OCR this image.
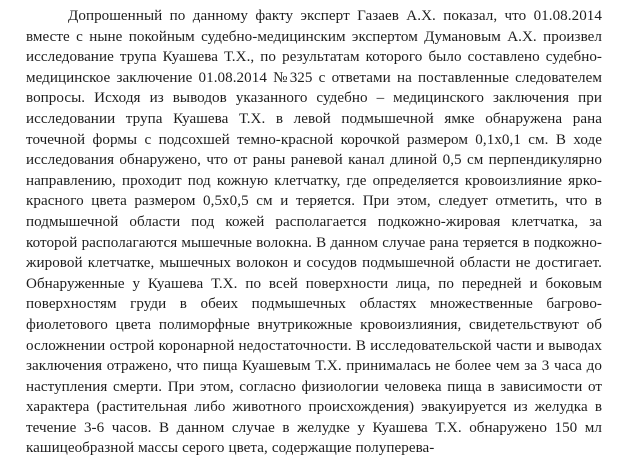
Допрошенный по данному факту эксперт Газаев А.Х. показал, что 01.08.2014 вместе с ныне покойным судебно-медицинским экспертом Думановым А.Х. произвел исследование трупа Куашева Т.Х., по результатам которого было составлено судебно-медицинское заключение 01.08.2014 №325 с ответами на поставленные следователем вопросы. Исходя из выводов указанного судебно – медицинского заключения при исследовании трупа Куашева Т.Х. в левой подмышечной ямке обнаружена рана точечной формы с подсохшей темно-красной корочкой размером 0,1х0,1 см. В ходе исследования обнаружено, что от раны раневой канал длиной 0,5 см перпендикулярно направлению, проходит под кожную клетчатку, где определяется кровоизлияние ярко-красного цвета размером 0,5х0,5 см и теряется. При этом, следует отметить, что в подмышечной области под кожей располагается подкожно-жировая клетчатка, за которой располагаются мышечные волокна. В данном случае рана теряется в подкожно-жировой клетчатке, мышечных волокон и сосудов подмышечной области не достигает. Обнаруженные у Куашева Т.Х. по всей поверхности лица, по передней и боковым поверхностям груди в обеих подмышечных областях множественные багрово-фиолетового цвета полиморфные внутрикожные кровоизлияния, свидетельствуют об осложнении острой коронарной недостаточности. В исследовательской части и выводах заключения отражено, что пища Куашевым Т.Х. принималась не более чем за 3 часа до наступления смерти. При этом, согласно физиологии человека пища в зависимости от характера (растительная либо животного происхождения) эвакуируется из желудка в течение 3-6 часов. В данном случае в желудке у Куашева Т.Х. обнаружено 150 мл кашицеобразной массы серого цвета, содержащие полуперева-
